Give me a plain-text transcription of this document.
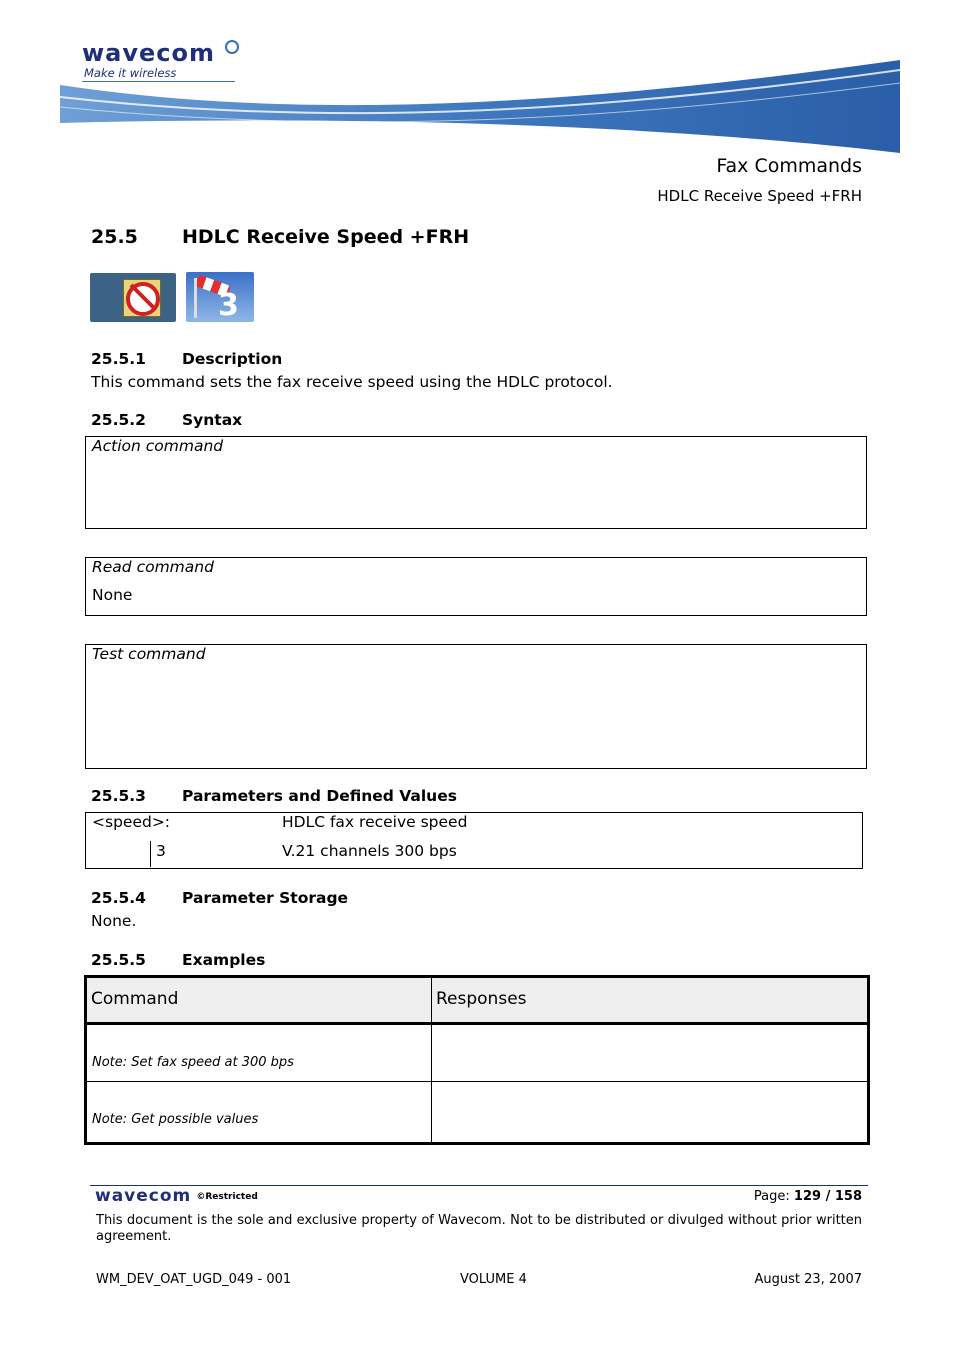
wavecom
Make it wireless
Fax Commands
HDLC Receive Speed +FRH
25.5 HDLC Receive Speed +FRH
3
25.5.1 Description
This command sets the fax receive speed using the HDLC protocol.
25.5.2 Syntax
Action command
Read command
None
Test command
25.5.3 Parameters and Defined Values
<speed>:	HDLC fax receive speed
3	V.21 channels 300 bps
25.5.4 Parameter Storage
None.
25.5.5 Examples
Command	Responses
Note: Set fax speed at 300 bps
Note: Get possible values
wavecom ©Restricted	Page: 129 / 158
This document is the sole and exclusive property of Wavecom. Not to be distributed or divulged without prior written agreement.
WM_DEV_OAT_UGD_049 - 001	VOLUME 4	August 23, 2007
